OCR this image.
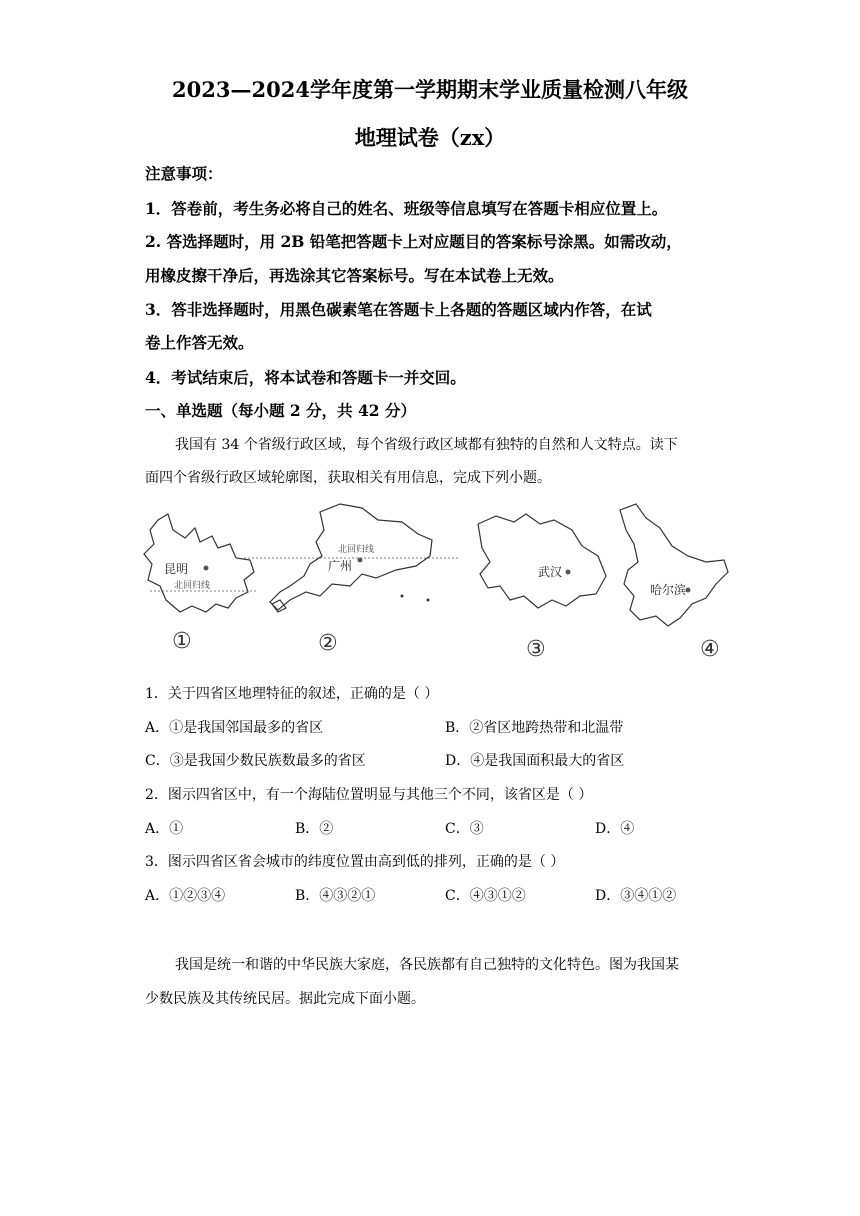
2023—2024学年度第一学期期末学业质量检测八年级
地理试卷（zx）
注意事项：
1．答卷前，考生务必将自己的姓名、班级等信息填写在答题卡相应位置上。
2. 答选择题时，用 2B 铅笔把答题卡上对应题目的答案标号涂黑。如需改动，
用橡皮擦干净后，再选涂其它答案标号。写在本试卷上无效。
3．答非选择题时，用黑色碳素笔在答题卡上各题的答题区域内作答，在试
卷上作答无效。
4．考试结束后，将本试卷和答题卡一并交回。
一、单选题（每小题 2 分，共 42 分）
我国有 34 个省级行政区域，每个省级行政区域都有独特的自然和人文特点。读下
面四个省级行政区域轮廓图，获取相关有用信息，完成下列小题。
昆明
北回归线
北回归线
广州	武汉
哈尔滨
①	②	③	④
1．关于四省区地理特征的叙述，正确的是（ ）
A．①是我国邻国最多的省区	B．②省区地跨热带和北温带
C．③是我国少数民族数最多的省区	D．④是我国面积最大的省区
2．图示四省区中，有一个海陆位置明显与其他三个不同，该省区是（ ）
A．①	B．②	C．③	D．④
3．图示四省区省会城市的纬度位置由高到低的排列，正确的是（ ）
A．①②③④	B．④③②①	C．④③①②	D．③④①②
我国是统一和谐的中华民族大家庭，各民族都有自己独特的文化特色。图为我国某
少数民族及其传统民居。据此完成下面小题。
